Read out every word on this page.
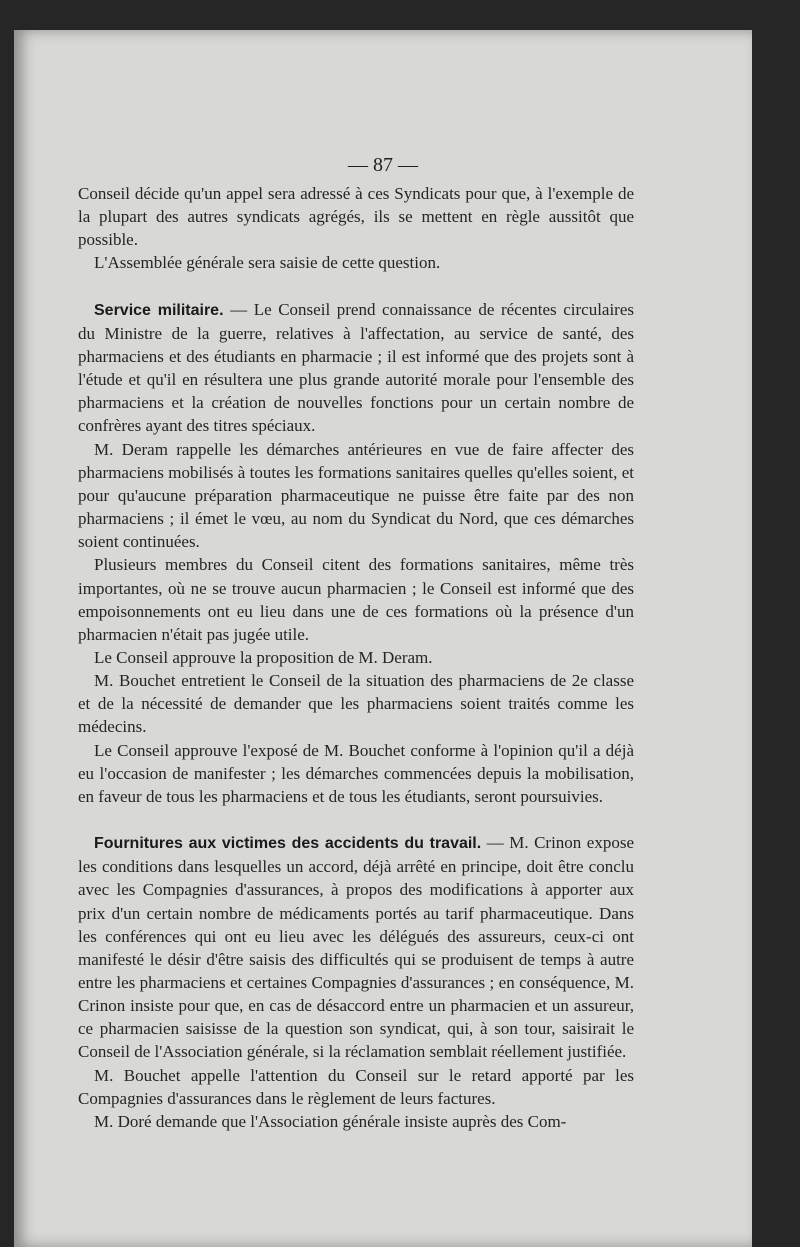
— 87 —

Conseil décide qu'un appel sera adressé à ces Syndicats pour que, à l'exemple de la plupart des autres syndicats agrégés, ils se mettent en règle aussitôt que possible.

L'Assemblée générale sera saisie de cette question.

Service militaire. — Le Conseil prend connaissance de récentes circulaires du Ministre de la guerre, relatives à l'affectation, au service de santé, des pharmaciens et des étudiants en pharmacie ; il est informé que des projets sont à l'étude et qu'il en résultera une plus grande autorité morale pour l'ensemble des pharmaciens et la création de nouvelles fonctions pour un certain nombre de confrères ayant des titres spéciaux.

M. Deram rappelle les démarches antérieures en vue de faire affecter des pharmaciens mobilisés à toutes les formations sanitaires quelles qu'elles soient, et pour qu'aucune préparation pharmaceutique ne puisse être faite par des non pharmaciens ; il émet le vœu, au nom du Syndicat du Nord, que ces démarches soient continuées.

Plusieurs membres du Conseil citent des formations sanitaires, même très importantes, où ne se trouve aucun pharmacien ; le Conseil est informé que des empoisonnements ont eu lieu dans une de ces formations où la présence d'un pharmacien n'était pas jugée utile.

Le Conseil approuve la proposition de M. Deram.

M. Bouchet entretient le Conseil de la situation des pharmaciens de 2e classe et de la nécessité de demander que les pharmaciens soient traités comme les médecins.

Le Conseil approuve l'exposé de M. Bouchet conforme à l'opinion qu'il a déjà eu l'occasion de manifester ; les démarches commencées depuis la mobilisation, en faveur de tous les pharmaciens et de tous les étudiants, seront poursuivies.

Fournitures aux victimes des accidents du travail. — M. Crinon expose les conditions dans lesquelles un accord, déjà arrêté en principe, doit être conclu avec les Compagnies d'assurances, à propos des modifications à apporter aux prix d'un certain nombre de médicaments portés au tarif pharmaceutique. Dans les conférences qui ont eu lieu avec les délégués des assureurs, ceux-ci ont manifesté le désir d'être saisis des difficultés qui se produisent de temps à autre entre les pharmaciens et certaines Compagnies d'assurances ; en conséquence, M. Crinon insiste pour que, en cas de désaccord entre un pharmacien et un assureur, ce pharmacien saisisse de la question son syndicat, qui, à son tour, saisirait le Conseil de l'Association générale, si la réclamation semblait réellement justifiée.

M. Bouchet appelle l'attention du Conseil sur le retard apporté par les Compagnies d'assurances dans le règlement de leurs factures.

M. Doré demande que l'Association générale insiste auprès des Com-
